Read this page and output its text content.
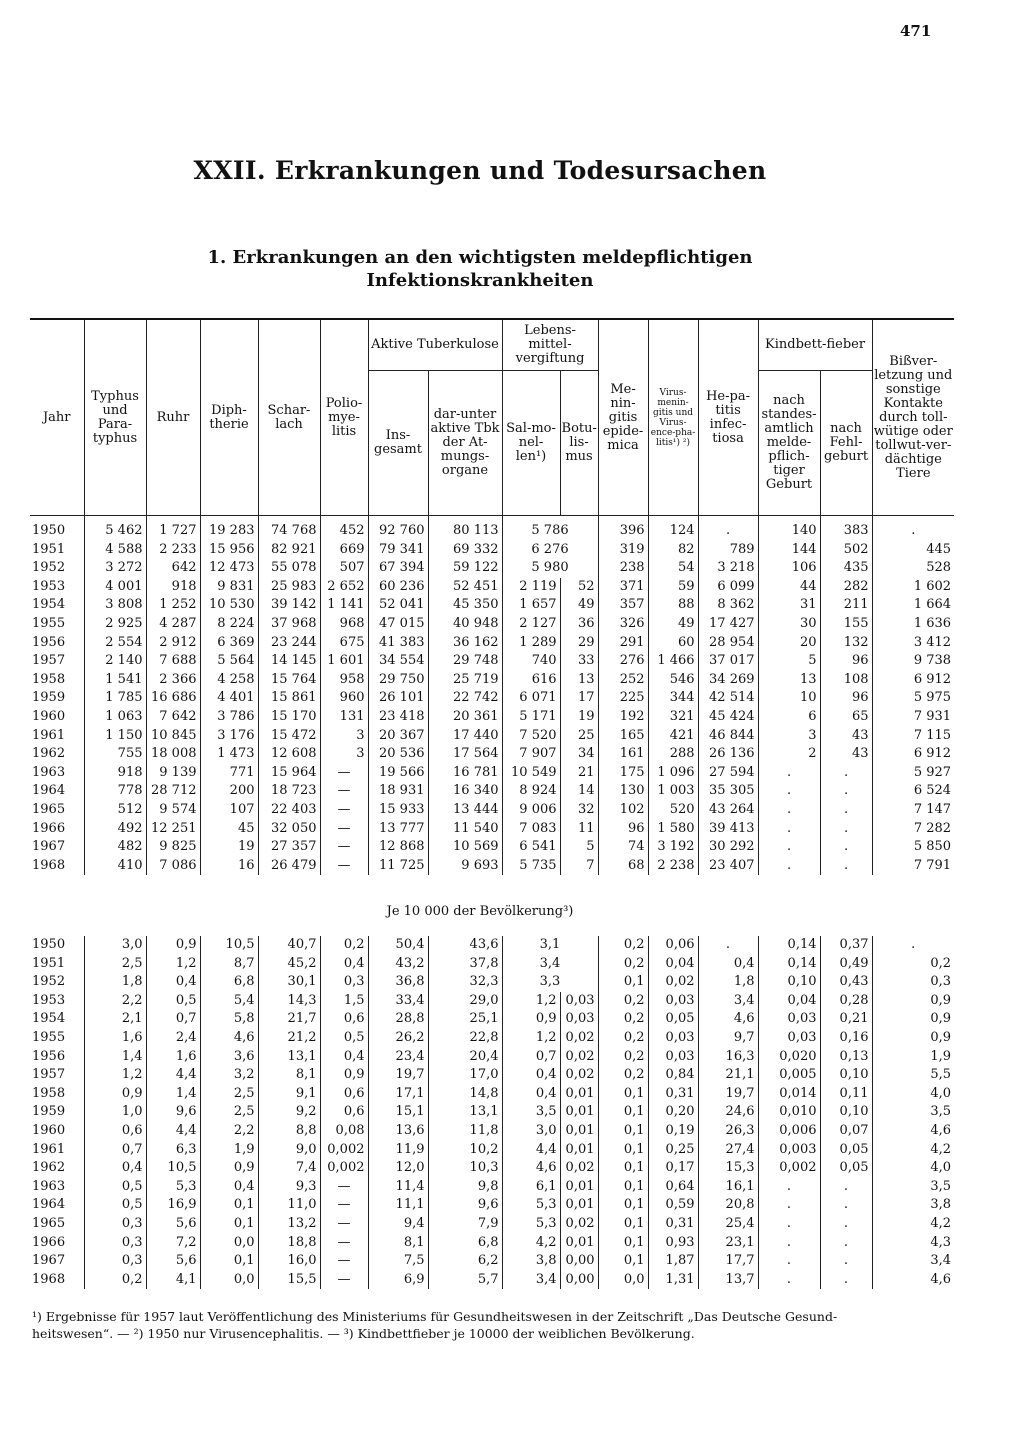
471
XXII. Erkrankungen und Todesursachen
1. Erkrankungen an den wichtigsten meldepflichtigen
Infektionskrankheiten
Jahr	Typhus und Para-typhus	Ruhr	Diph-therie	Schar-lach	Polio-mye-litis	Aktive Tuberkulose		Lebens-mittel-vergiftung		Me-nin-gitis epide-mica	Virus-menin-gitis und Virus-ence-pha-litis¹) ²)	He-pa-titis infec-tiosa	Kindbett-fieber		Bißver-letzung und sonstige Kontakte durch toll-wütige oder tollwut-ver-dächtige Tiere
						Ins-gesamt	dar-unter aktive Tbk der At-mungs-organe	Sal-mo-nel-len¹)	Botu-lis-mus				nach standes-amtlich melde-pflich-tiger Geburt	nach Fehl-geburt	
1950	5 462	1 727	19 283	74 768	452	92 760	80 113	5 786		396	124	.	140	383	.
1951	4 588	2 233	15 956	82 921	669	79 341	69 332	6 276		319	82	789	144	502	445
1952	3 272	642	12 473	55 078	507	67 394	59 122	5 980		238	54	3 218	106	435	528
1953	4 001	918	9 831	25 983	2 652	60 236	52 451	2 119	52	371	59	6 099	44	282	1 602
1954	3 808	1 252	10 530	39 142	1 141	52 041	45 350	1 657	49	357	88	8 362	31	211	1 664
1955	2 925	4 287	8 224	37 968	968	47 015	40 948	2 127	36	326	49	17 427	30	155	1 636
1956	2 554	2 912	6 369	23 244	675	41 383	36 162	1 289	29	291	60	28 954	20	132	3 412
1957	2 140	7 688	5 564	14 145	1 601	34 554	29 748	740	33	276	1 466	37 017	5	96	9 738
1958	1 541	2 366	4 258	15 764	958	29 750	25 719	616	13	252	546	34 269	13	108	6 912
1959	1 785	16 686	4 401	15 861	960	26 101	22 742	6 071	17	225	344	42 514	10	96	5 975
1960	1 063	7 642	3 786	15 170	131	23 418	20 361	5 171	19	192	321	45 424	6	65	7 931
1961	1 150	10 845	3 176	15 472	3	20 367	17 440	7 520	25	165	421	46 844	3	43	7 115
1962	755	18 008	1 473	12 608	3	20 536	17 564	7 907	34	161	288	26 136	2	43	6 912
1963	918	9 139	771	15 964	—	19 566	16 781	10 549	21	175	1 096	27 594	.	.	5 927
1964	778	28 712	200	18 723	—	18 931	16 340	8 924	14	130	1 003	35 305	.	.	6 524
1965	512	9 574	107	22 403	—	15 933	13 444	9 006	32	102	520	43 264	.	.	7 147
1966	492	12 251	45	32 050	—	13 777	11 540	7 083	11	96	1 580	39 413	.	.	7 282
1967	482	9 825	19	27 357	—	12 868	10 569	6 541	5	74	3 192	30 292	.	.	5 850
1968	410	7 086	16	26 479	—	11 725	9 693	5 735	7	68	2 238	23 407	.	.	7 791
Je 10 000 der Bevölkerung³)
1950	3,0	0,9	10,5	40,7	0,2	50,4	43,6	3,1		0,2	0,06	.	0,14	0,37	.
1951	2,5	1,2	8,7	45,2	0,4	43,2	37,8	3,4		0,2	0,04	0,4	0,14	0,49	0,2
1952	1,8	0,4	6,8	30,1	0,3	36,8	32,3	3,3		0,1	0,02	1,8	0,10	0,43	0,3
1953	2,2	0,5	5,4	14,3	1,5	33,4	29,0	1,2	0,03	0,2	0,03	3,4	0,04	0,28	0,9
1954	2,1	0,7	5,8	21,7	0,6	28,8	25,1	0,9	0,03	0,2	0,05	4,6	0,03	0,21	0,9
1955	1,6	2,4	4,6	21,2	0,5	26,2	22,8	1,2	0,02	0,2	0,03	9,7	0,03	0,16	0,9
1956	1,4	1,6	3,6	13,1	0,4	23,4	20,4	0,7	0,02	0,2	0,03	16,3	0,020	0,13	1,9
1957	1,2	4,4	3,2	8,1	0,9	19,7	17,0	0,4	0,02	0,2	0,84	21,1	0,005	0,10	5,5
1958	0,9	1,4	2,5	9,1	0,6	17,1	14,8	0,4	0,01	0,1	0,31	19,7	0,014	0,11	4,0
1959	1,0	9,6	2,5	9,2	0,6	15,1	13,1	3,5	0,01	0,1	0,20	24,6	0,010	0,10	3,5
1960	0,6	4,4	2,2	8,8	0,08	13,6	11,8	3,0	0,01	0,1	0,19	26,3	0,006	0,07	4,6
1961	0,7	6,3	1,9	9,0	0,002	11,9	10,2	4,4	0,01	0,1	0,25	27,4	0,003	0,05	4,2
1962	0,4	10,5	0,9	7,4	0,002	12,0	10,3	4,6	0,02	0,1	0,17	15,3	0,002	0,05	4,0
1963	0,5	5,3	0,4	9,3	—	11,4	9,8	6,1	0,01	0,1	0,64	16,1	.	.	3,5
1964	0,5	16,9	0,1	11,0	—	11,1	9,6	5,3	0,01	0,1	0,59	20,8	.	.	3,8
1965	0,3	5,6	0,1	13,2	—	9,4	7,9	5,3	0,02	0,1	0,31	25,4	.	.	4,2
1966	0,3	7,2	0,0	18,8	—	8,1	6,8	4,2	0,01	0,1	0,93	23,1	.	.	4,3
1967	0,3	5,6	0,1	16,0	—	7,5	6,2	3,8	0,00	0,1	1,87	17,7	.	.	3,4
1968	0,2	4,1	0,0	15,5	—	6,9	5,7	3,4	0,00	0,0	1,31	13,7	.	.	4,6
¹) Ergebnisse für 1957 laut Veröffentlichung des Ministeriums für Gesundheitswesen in der Zeitschrift „Das Deutsche Gesund-
heitswesen“. — ²) 1950 nur Virusencephalitis. — ³) Kindbettfieber je 10000 der weiblichen Bevölkerung.
